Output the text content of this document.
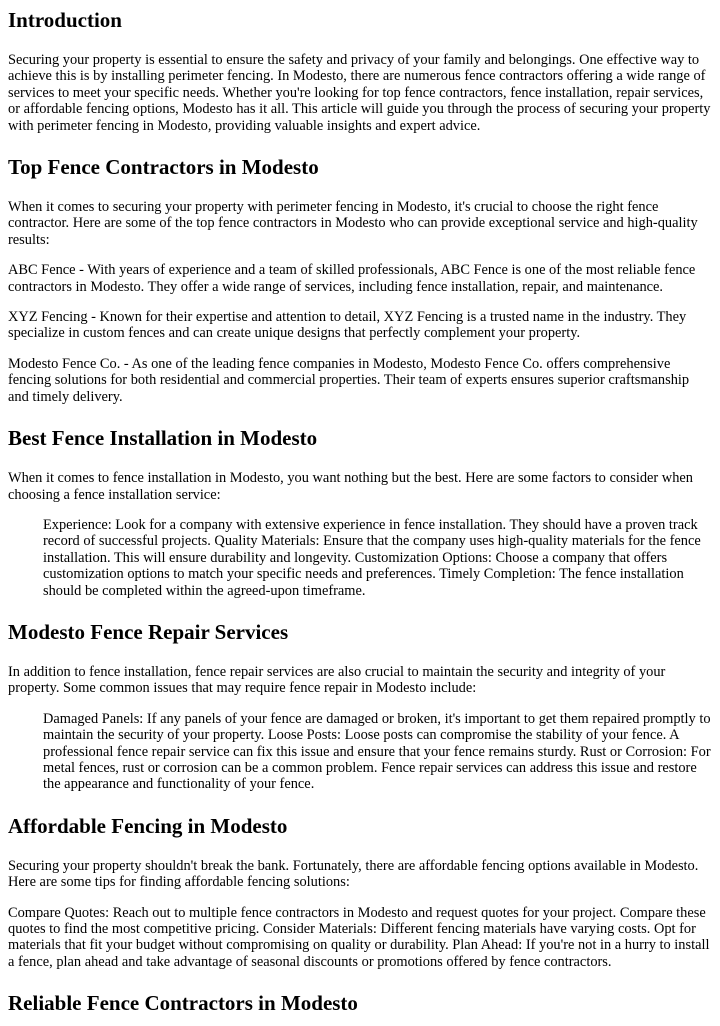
Introduction

Securing your property is essential to ensure the safety and privacy of your family and belongings. One effective way to achieve this is by installing perimeter fencing. In Modesto, there are numerous fence contractors offering a wide range of services to meet your specific needs. Whether you're looking for top fence contractors, fence installation, repair services, or affordable fencing options, Modesto has it all. This article will guide you through the process of securing your property with perimeter fencing in Modesto, providing valuable insights and expert advice.

Top Fence Contractors in Modesto

When it comes to securing your property with perimeter fencing in Modesto, it's crucial to choose the right fence contractor. Here are some of the top fence contractors in Modesto who can provide exceptional service and high-quality results:

ABC Fence - With years of experience and a team of skilled professionals, ABC Fence is one of the most reliable fence contractors in Modesto. They offer a wide range of services, including fence installation, repair, and maintenance.

XYZ Fencing - Known for their expertise and attention to detail, XYZ Fencing is a trusted name in the industry. They specialize in custom fences and can create unique designs that perfectly complement your property.

Modesto Fence Co. - As one of the leading fence companies in Modesto, Modesto Fence Co. offers comprehensive fencing solutions for both residential and commercial properties. Their team of experts ensures superior craftsmanship and timely delivery.

Best Fence Installation in Modesto

When it comes to fence installation in Modesto, you want nothing but the best. Here are some factors to consider when choosing a fence installation service:

Experience: Look for a company with extensive experience in fence installation. They should have a proven track record of successful projects. Quality Materials: Ensure that the company uses high-quality materials for the fence installation. This will ensure durability and longevity. Customization Options: Choose a company that offers customization options to match your specific needs and preferences. Timely Completion: The fence installation should be completed within the agreed-upon timeframe.
Modesto Fence Repair Services

In addition to fence installation, fence repair services are also crucial to maintain the security and integrity of your property. Some common issues that may require fence repair in Modesto include:

Damaged Panels: If any panels of your fence are damaged or broken, it's important to get them repaired promptly to maintain the security of your property. Loose Posts: Loose posts can compromise the stability of your fence. A professional fence repair service can fix this issue and ensure that your fence remains sturdy. Rust or Corrosion: For metal fences, rust or corrosion can be a common problem. Fence repair services can address this issue and restore the appearance and functionality of your fence.
Affordable Fencing in Modesto

Securing your property shouldn't break the bank. Fortunately, there are affordable fencing options available in Modesto. Here are some tips for finding affordable fencing solutions:

Compare Quotes: Reach out to multiple fence contractors in Modesto and request quotes for your project. Compare these quotes to find the most competitive pricing. Consider Materials: Different fencing materials have varying costs. Opt for materials that fit your budget without compromising on quality or durability. Plan Ahead: If you're not in a hurry to install a fence, plan ahead and take advantage of seasonal discounts or promotions offered by fence contractors.

Reliable Fence Contractors in Modesto
